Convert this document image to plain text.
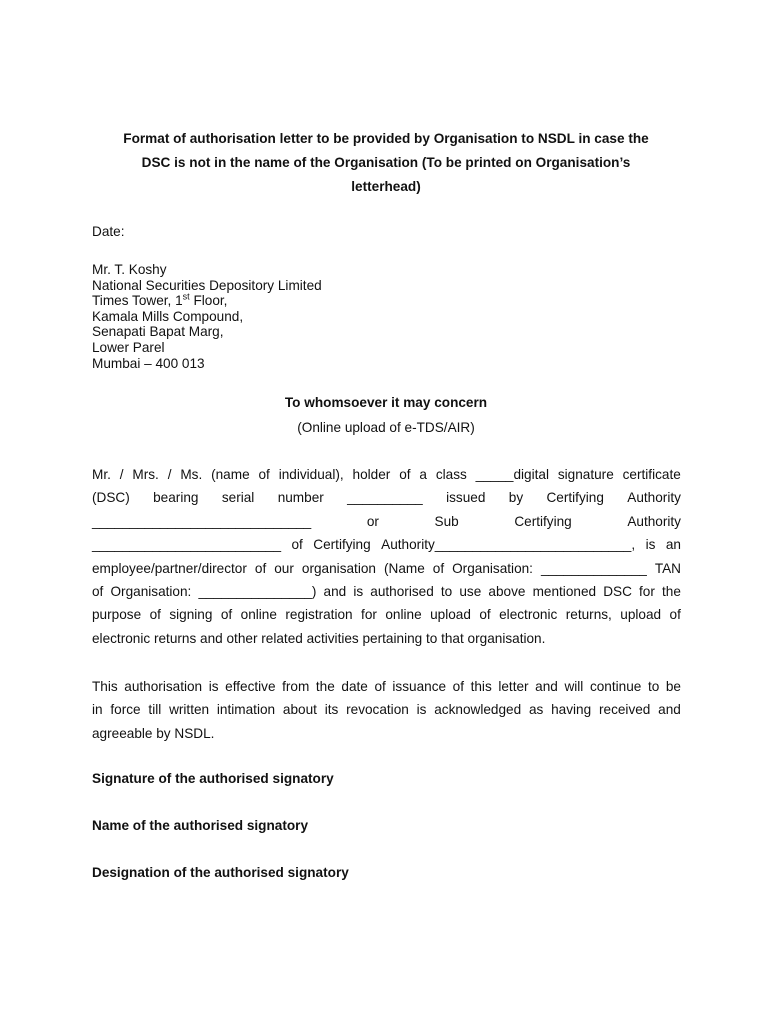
Format of authorisation letter to be provided by Organisation to NSDL in case the
DSC is not in the name of the Organisation (To be printed on Organisation’s
letterhead)
Date:
Mr. T. Koshy
National Securities Depository Limited
Times Tower, 1st Floor,
Kamala Mills Compound,
Senapati Bapat Marg,
Lower Parel
Mumbai – 400 013
To whomsoever it may concern
(Online upload of e-TDS/AIR)
Mr. / Mrs. / Ms. (name of individual), holder of a class _____digital signature certificate
(DSC) bearing serial number __________ issued by Certifying Authority
_____________________________	or	Sub	Certifying	Authority
_________________________ of Certifying Authority__________________________, is an
employee/partner/director of our organisation (Name of Organisation: ______________ TAN
of Organisation: _______________) and is authorised to use above mentioned DSC for the
purpose of signing of online registration for online upload of electronic returns, upload of
electronic returns and other related activities pertaining to that organisation.
This authorisation is effective from the date of issuance of this letter and will continue to be
in force till written intimation about its revocation is acknowledged as having received and
agreeable by NSDL.
Signature of the authorised signatory
Name of the authorised signatory
Designation of the authorised signatory
